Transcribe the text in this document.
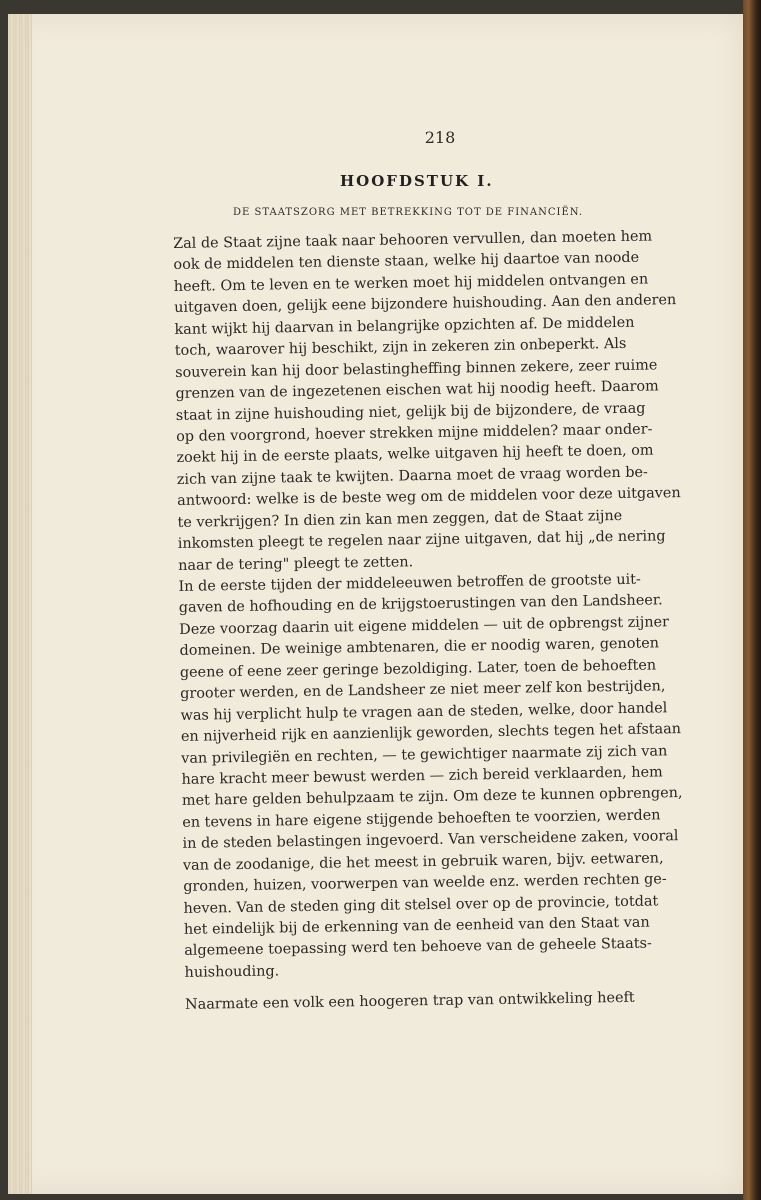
218
HOOFDSTUK I.
DE STAATSZORG MET BETREKKING TOT DE FINANCIËN.
Zal de Staat zijne taak naar behooren vervullen, dan moeten hem
ook de middelen ten dienste staan, welke hij daartoe van noode
heeft. Om te leven en te werken moet hij middelen ontvangen en
uitgaven doen, gelijk eene bijzondere huishouding. Aan den anderen
kant wijkt hij daarvan in belangrijke opzichten af. De middelen
toch, waarover hij beschikt, zijn in zekeren zin onbeperkt. Als
souverein kan hij door belastingheffing binnen zekere, zeer ruime
grenzen van de ingezetenen eischen wat hij noodig heeft. Daarom
staat in zijne huishouding niet, gelijk bij de bijzondere, de vraag
op den voorgrond, hoever strekken mijne middelen? maar onder-
zoekt hij in de eerste plaats, welke uitgaven hij heeft te doen, om
zich van zijne taak te kwijten. Daarna moet de vraag worden be-
antwoord: welke is de beste weg om de middelen voor deze uitgaven
te verkrijgen? In dien zin kan men zeggen, dat de Staat zijne
inkomsten pleegt te regelen naar zijne uitgaven, dat hij „de nering
naar de tering" pleegt te zetten.
In de eerste tijden der middeleeuwen betroffen de grootste uit-
gaven de hofhouding en de krijgstoerustingen van den Landsheer.
Deze voorzag daarin uit eigene middelen — uit de opbrengst zijner
domeinen. De weinige ambtenaren, die er noodig waren, genoten
geene of eene zeer geringe bezoldiging. Later, toen de behoeften
grooter werden, en de Landsheer ze niet meer zelf kon bestrijden,
was hij verplicht hulp te vragen aan de steden, welke, door handel
en nijverheid rijk en aanzienlijk geworden, slechts tegen het afstaan
van privilegiën en rechten, — te gewichtiger naarmate zij zich van
hare kracht meer bewust werden — zich bereid verklaarden, hem
met hare gelden behulpzaam te zijn. Om deze te kunnen opbrengen,
en tevens in hare eigene stijgende behoeften te voorzien, werden
in de steden belastingen ingevoerd. Van verscheidene zaken, vooral
van de zoodanige, die het meest in gebruik waren, bijv. eetwaren,
gronden, huizen, voorwerpen van weelde enz. werden rechten ge-
heven. Van de steden ging dit stelsel over op de provincie, totdat
het eindelijk bij de erkenning van de eenheid van den Staat van
algemeene toepassing werd ten behoeve van de geheele Staats-
huishouding.
Naarmate een volk een hoogeren trap van ontwikkeling heeft
